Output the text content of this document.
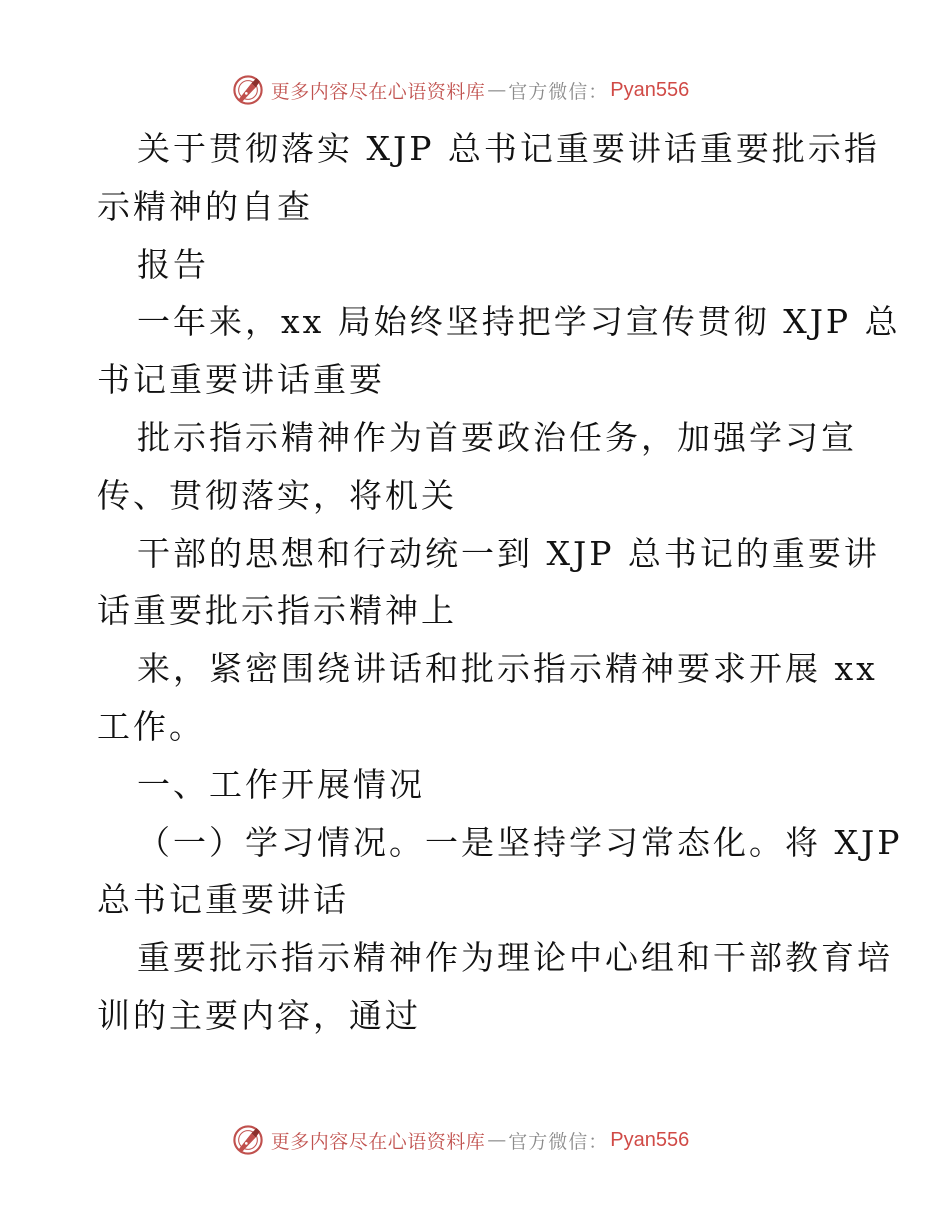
更多内容尽在心语资料库 — 官方微信： Pyan556
关于贯彻落实 XJP 总书记重要讲话重要批示指
示精神的自查
报告
一年来，xx 局始终坚持把学习宣传贯彻 XJP 总
书记重要讲话重要
批示指示精神作为首要政治任务，加强学习宣
传、贯彻落实，将机关
干部的思想和行动统一到 XJP 总书记的重要讲
话重要批示指示精神上
来，紧密围绕讲话和批示指示精神要求开展 xx
工作。
一、工作开展情况
（一）学习情况。一是坚持学习常态化。将 XJP
总书记重要讲话
重要批示指示精神作为理论中心组和干部教育培
训的主要内容，通过
更多内容尽在心语资料库 — 官方微信： Pyan556
